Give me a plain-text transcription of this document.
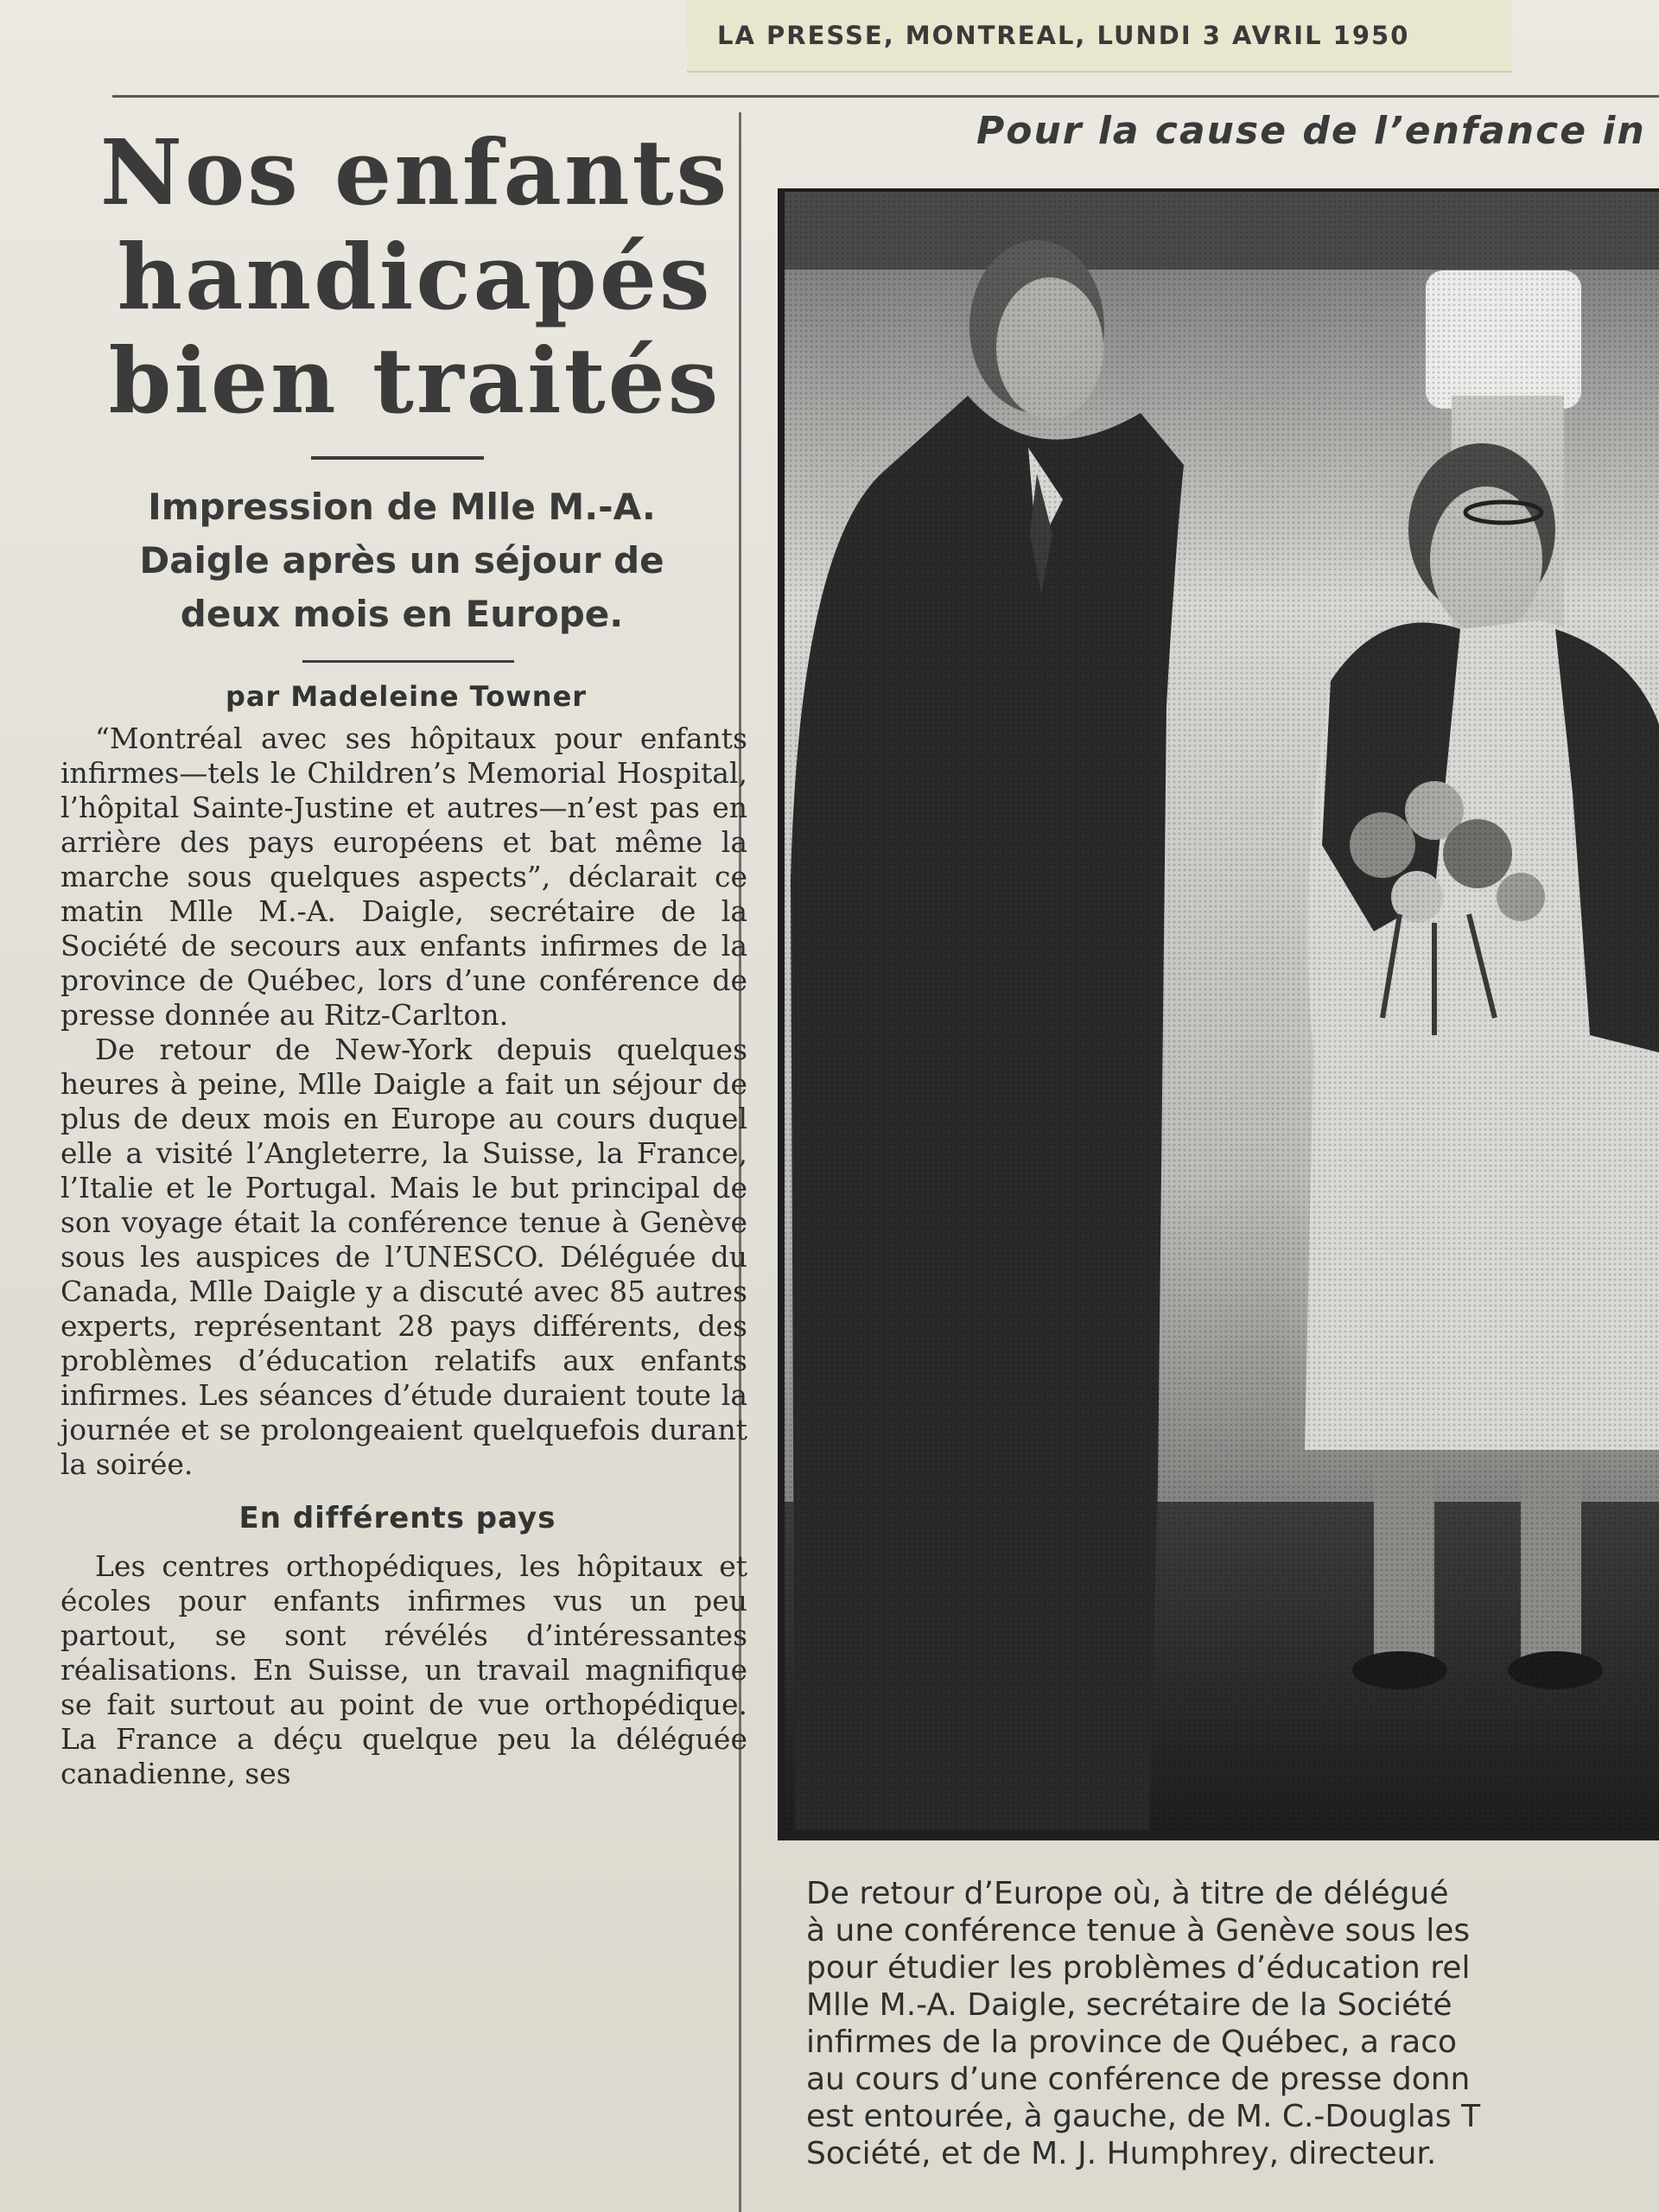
LA PRESSE, MONTREAL, LUNDI 3 AVRIL 1950
Nos enfants
handicapés
bien traités
Impression de Mlle M.-A.
Daigle après un séjour de
deux mois en Europe.
par Madeleine Towner

“Montréal avec ses hôpitaux pour enfants infirmes—tels le Children’s Memorial Hospital, l’hôpital Sainte-Justine et autres—n’est pas en arrière des pays européens et bat même la marche sous quelques aspects”, déclarait ce matin Mlle M.-A. Daigle, secrétaire de la Société de secours aux enfants infirmes de la province de Québec, lors d’une conférence de presse donnée au Ritz-Carlton.

De retour de New-York depuis quelques heures à peine, Mlle Daigle a fait un séjour de plus de deux mois en Europe au cours duquel elle a visité l’Angleterre, la Suisse, la France, l’Italie et le Portugal. Mais le but principal de son voyage était la conférence tenue à Genève sous les auspices de l’UNESCO. Déléguée du Canada, Mlle Daigle y a discuté avec 85 autres experts, représentant 28 pays différents, des problèmes d’éducation relatifs aux enfants infirmes. Les séances d’étude duraient toute la journée et se prolongeaient quelquefois durant la soirée.

En différents pays

Les centres orthopédiques, les hôpitaux et écoles pour enfants infirmes vus un peu partout, se sont révélés d’intéressantes réalisations. En Suisse, un travail magnifique se fait surtout au point de vue orthopédique. La France a déçu quelque peu la déléguée canadienne, ses

Pour la cause de l’enfance in
De retour d’Europe où, à titre de délégué
à une conférence tenue à Genève sous les
pour étudier les problèmes d’éducation rel
Mlle M.-A. Daigle, secrétaire de la Société
infirmes de la province de Québec, a raco
au cours d’une conférence de presse donn
est entourée, à gauche, de M. C.-Douglas T
Société, et de M. J. Humphrey, directeur.
